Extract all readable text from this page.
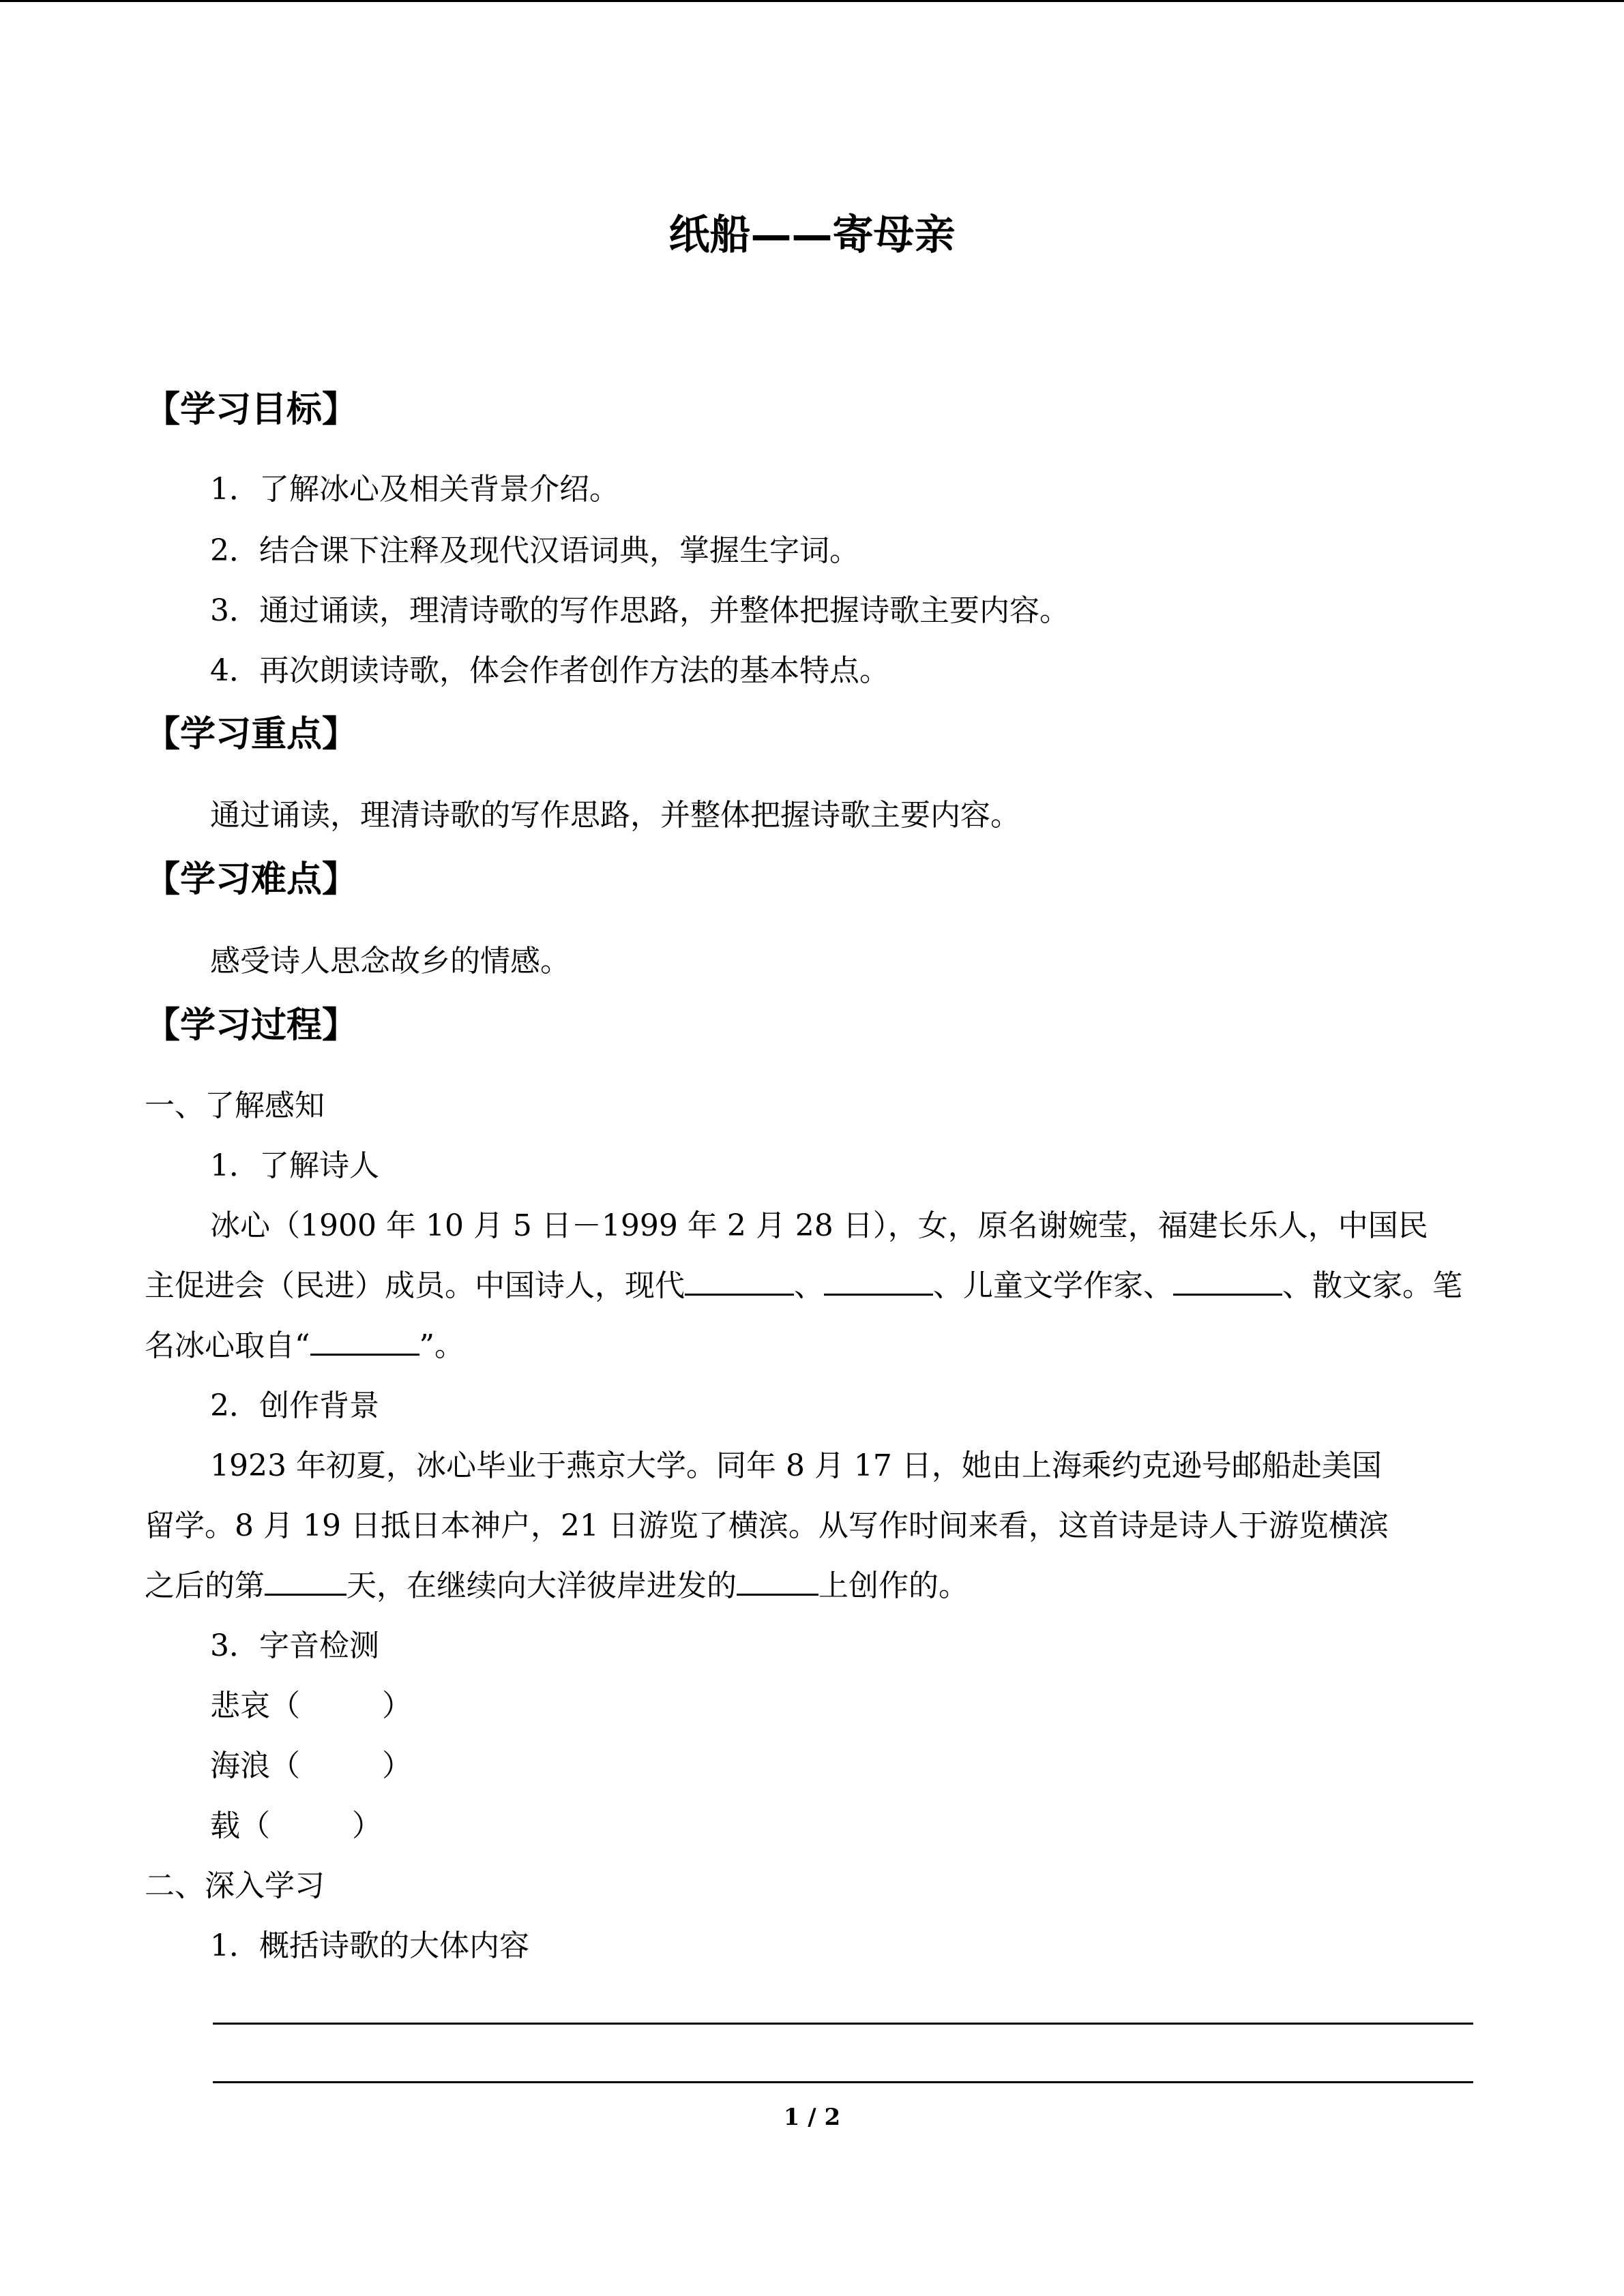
纸船——寄母亲
【学习目标】
1．了解冰心及相关背景介绍。
2．结合课下注释及现代汉语词典，掌握生字词。
3．通过诵读，理清诗歌的写作思路，并整体把握诗歌主要内容。
4．再次朗读诗歌，体会作者创作方法的基本特点。
【学习重点】
通过诵读，理清诗歌的写作思路，并整体把握诗歌主要内容。
【学习难点】
感受诗人思念故乡的情感。
【学习过程】
一、了解感知
1．了解诗人
冰心（1900 年 10 月 5 日－1999 年 2 月 28 日），女，原名谢婉莹，福建长乐人，中国民
主促进会（民进）成员。中国诗人，现代	、	、儿童文学作家、	、散文家。笔
名冰心取自“	”。
2．创作背景
1923 年初夏，冰心毕业于燕京大学。同年 8 月 17 日，她由上海乘约克逊号邮船赴美国
留学。8 月 19 日抵日本神户，21 日游览了横滨。从写作时间来看，这首诗是诗人于游览横滨
之后的第	天，在继续向大洋彼岸进发的	上创作的。
3．字音检测
悲哀（	）
海浪（	）
载（	）
二、深入学习
1．概括诗歌的大体内容
1 / 2
